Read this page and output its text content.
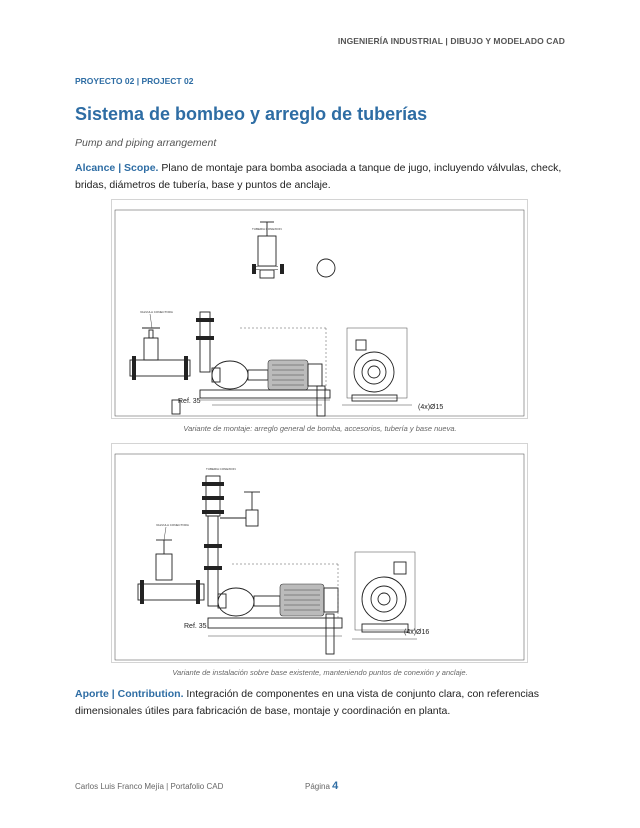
INGENIERÍA INDUSTRIAL | DIBUJO Y MODELADO CAD
PROYECTO 02 | PROJECT 02
Sistema de bombeo y arreglo de tuberías
Pump and piping arrangement
Alcance | Scope. Plano de montaje para bomba asociada a tanque de jugo, incluyendo válvulas, check, bridas, diámetros de tubería, base y puntos de anclaje.
VALVULA CONECTORA
TUBERIA CONEXION
Ref. 35
(4x)Ø15
Variante de montaje: arreglo general de bomba, accesorios, tubería y base nueva.
TUBERIA CONEXION
VALVULA CONECTORA
Ref. 35
(4x)Ø16
Variante de instalación sobre base existente, manteniendo puntos de conexión y anclaje.
Aporte | Contribution. Integración de componentes en una vista de conjunto clara, con referencias dimensionales útiles para fabricación de base, montaje y coordinación en planta.
Carlos Luis Franco Mejía | Portafolio CAD	Página 4
